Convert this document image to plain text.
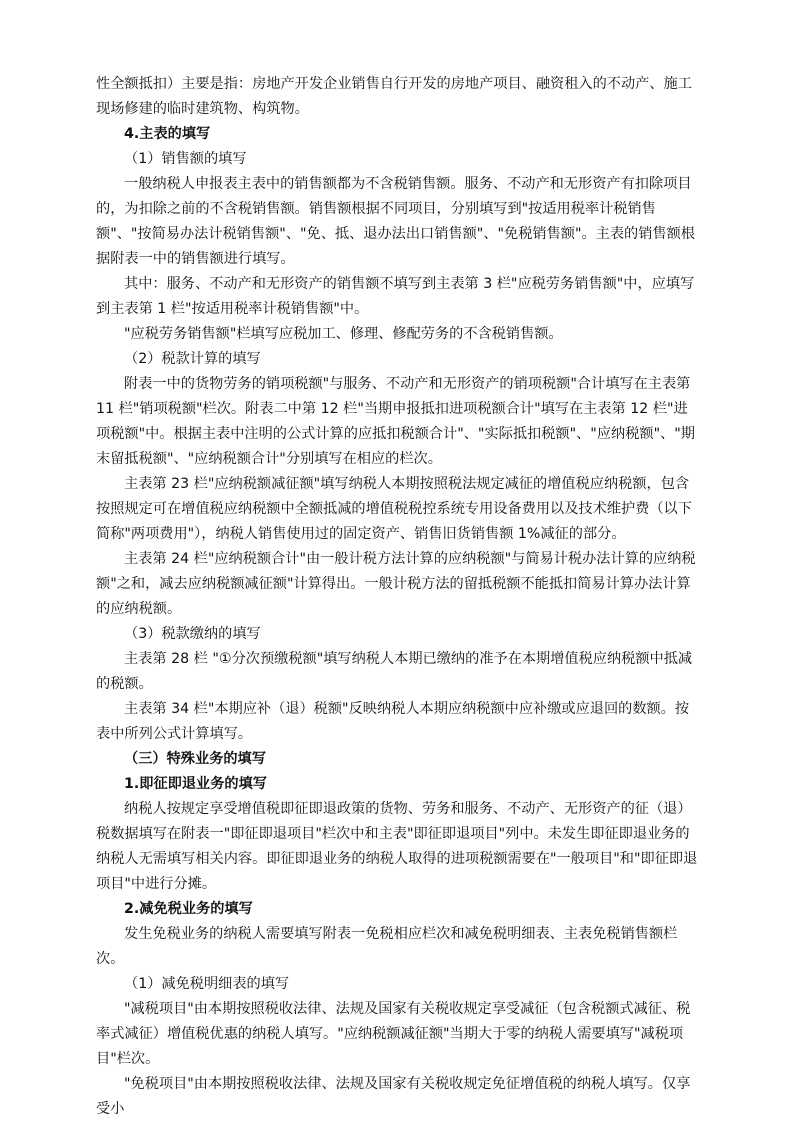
性全额抵扣）主要是指：房地产开发企业销售自行开发的房地产项目、融资租入的不动产、施工现场修建的临时建筑物、构筑物。

4.主表的填写

（1）销售额的填写

一般纳税人申报表主表中的销售额都为不含税销售额。服务、不动产和无形资产有扣除项目的，为扣除之前的不含税销售额。销售额根据不同项目，分别填写到"按适用税率计税销售额"、"按简易办法计税销售额"、"免、抵、退办法出口销售额"、"免税销售额"。主表的销售额根据附表一中的销售额进行填写。

其中：服务、不动产和无形资产的销售额不填写到主表第 3 栏"应税劳务销售额"中，应填写到主表第 1 栏"按适用税率计税销售额"中。

"应税劳务销售额"栏填写应税加工、修理、修配劳务的不含税销售额。

（2）税款计算的填写

附表一中的货物劳务的销项税额"与服务、不动产和无形资产的销项税额"合计填写在主表第 11 栏"销项税额"栏次。附表二中第 12 栏"当期申报抵扣进项税额合计"填写在主表第 12 栏"进项税额"中。根据主表中注明的公式计算的应抵扣税额合计"、"实际抵扣税额"、"应纳税额"、"期末留抵税额"、"应纳税额合计"分别填写在相应的栏次。

主表第 23 栏"应纳税额减征额"填写纳税人本期按照税法规定减征的增值税应纳税额，包含按照规定可在增值税应纳税额中全额抵减的增值税税控系统专用设备费用以及技术维护费（以下简称"两项费用"），纳税人销售使用过的固定资产、销售旧货销售额 1%减征的部分。

主表第 24 栏"应纳税额合计"由一般计税方法计算的应纳税额"与简易计税办法计算的应纳税额"之和，减去应纳税额减征额"计算得出。一般计税方法的留抵税额不能抵扣简易计算办法计算的应纳税额。

（3）税款缴纳的填写

主表第 28 栏 "①分次预缴税额"填写纳税人本期已缴纳的准予在本期增值税应纳税额中抵减的税额。

主表第 34 栏"本期应补（退）税额"反映纳税人本期应纳税额中应补缴或应退回的数额。按表中所列公式计算填写。

（三）特殊业务的填写

1.即征即退业务的填写

纳税人按规定享受增值税即征即退政策的货物、劳务和服务、不动产、无形资产的征（退）税数据填写在附表一"即征即退项目"栏次中和主表"即征即退项目"列中。未发生即征即退业务的纳税人无需填写相关内容。即征即退业务的纳税人取得的进项税额需要在"一般项目"和"即征即退项目"中进行分摊。

2.减免税业务的填写

发生免税业务的纳税人需要填写附表一免税相应栏次和减免税明细表、主表免税销售额栏次。

（1）减免税明细表的填写

"减税项目"由本期按照税收法律、法规及国家有关税收规定享受减征（包含税额式减征、税率式减征）增值税优惠的纳税人填写。"应纳税额减征额"当期大于零的纳税人需要填写"减税项目"栏次。

"免税项目"由本期按照税收法律、法规及国家有关税收规定免征增值税的纳税人填写。仅享受小
